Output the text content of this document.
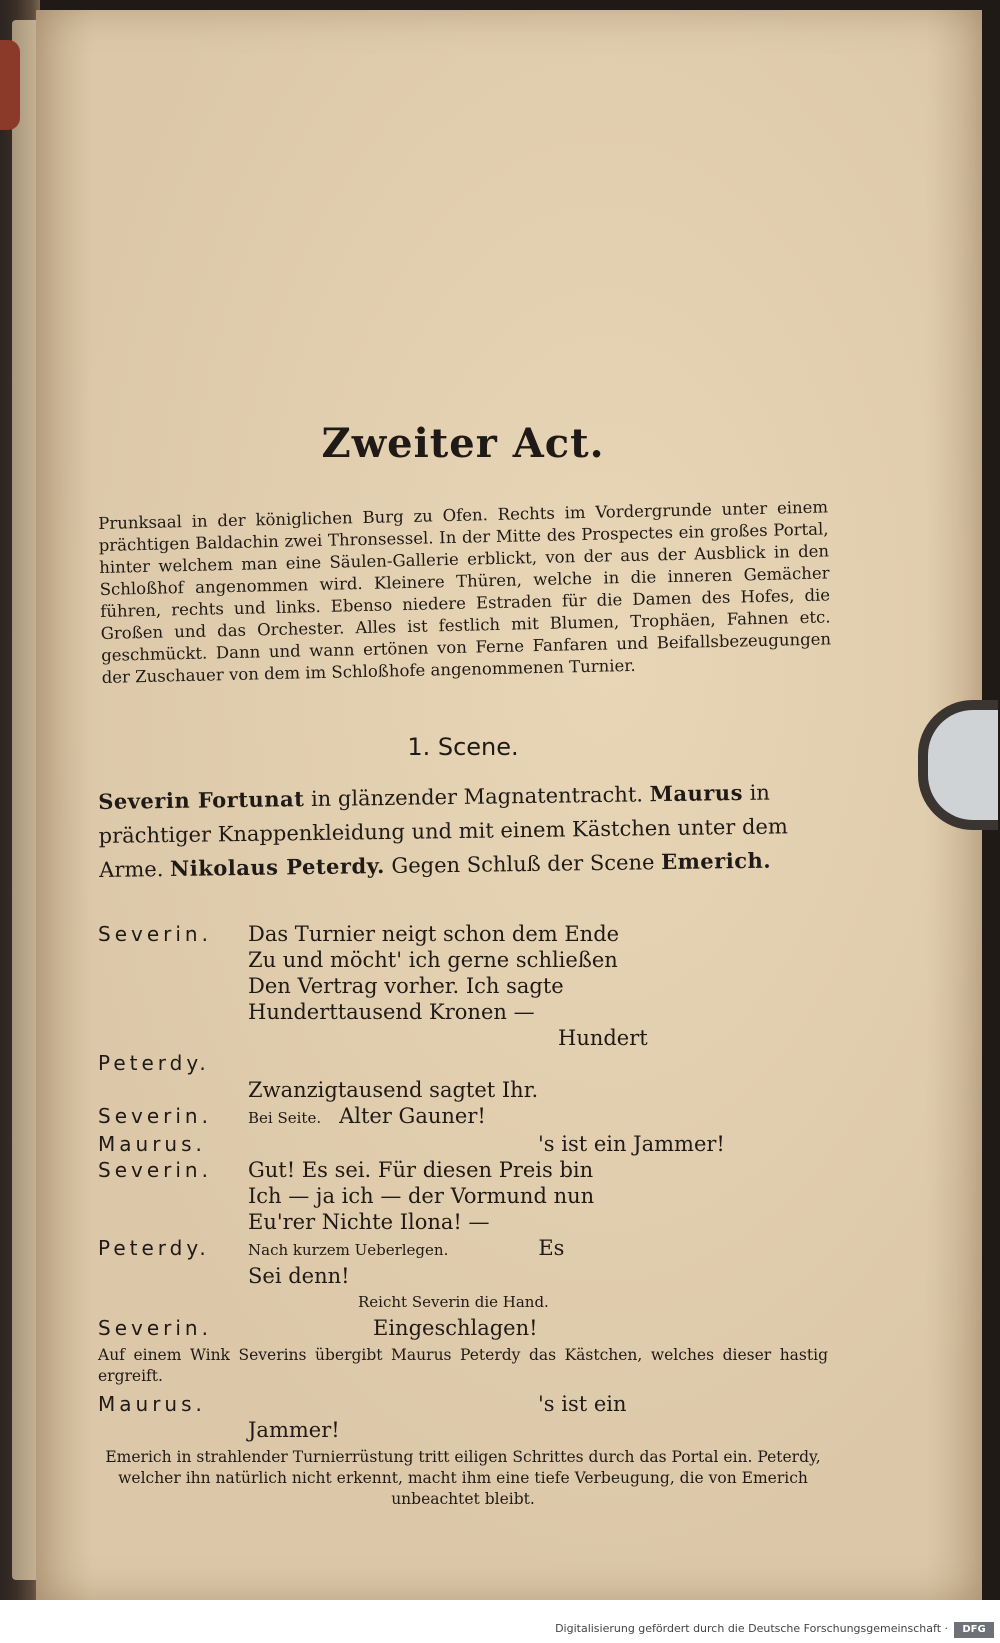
Zweiter Act.

Prunksaal in der königlichen Burg zu Ofen. Rechts im Vordergrunde unter einem prächtigen Baldachin zwei Thronsessel. In der Mitte des Prospectes ein großes Portal, hinter welchem man eine Säulen-Gallerie erblickt, von der aus der Ausblick in den Schloßhof angenommen wird. Kleinere Thüren, welche in die inneren Gemächer führen, rechts und links. Ebenso niedere Estraden für die Damen des Hofes, die Großen und das Orchester. Alles ist festlich mit Blumen, Trophäen, Fahnen etc. geschmückt. Dann und wann ertönen von Ferne Fanfaren und Beifallsbezeugungen der Zuschauer von dem im Schloßhofe angenommenen Turnier.

1. Scene.

Severin Fortunat in glänzender Magnatentracht. Maurus in prächtiger Knappenkleidung und mit einem Kästchen unter dem Arme. Nikolaus Peterdy. Gegen Schluß der Scene Emerich.

Severin.	Das Turnier neigt schon dem Ende
Zu und möcht' ich gerne schließen
Den Vertrag vorher. Ich sagte
Hunderttausend Kronen —
Hundert
Peterdy.
Zwanzigtausend sagtet Ihr.
Severin.	Bei Seite. Alter Gauner!
Maurus.	's ist ein Jammer!
Severin.	Gut! Es sei. Für diesen Preis bin
Ich — ja ich — der Vormund nun
Eu'rer Nichte Ilona! —
Peterdy.	Nach kurzem Ueberlegen.	Es
Sei denn!
Reicht Severin die Hand.
Severin.	Eingeschlagen!

Auf einem Wink Severins übergibt Maurus Peterdy das Kästchen, welches dieser hastig ergreift.

Maurus.	's ist ein
Jammer!

Emerich in strahlender Turnierrüstung tritt eiligen Schrittes durch das Portal ein. Peterdy, welcher ihn natürlich nicht erkennt, macht ihm eine tiefe Verbeugung, die von Emerich unbeachtet bleibt.

Digitalisierung gefördert durch die Deutsche Forschungsgemeinschaft ·	DFG
